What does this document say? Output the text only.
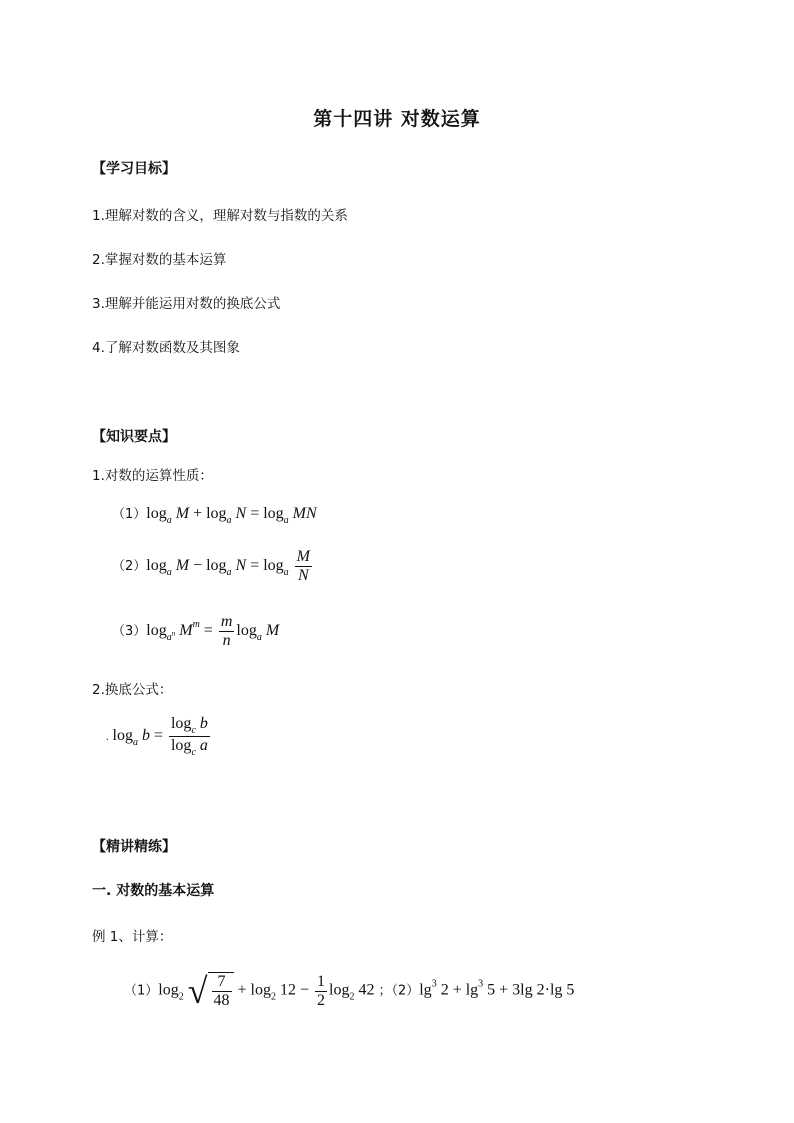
第十四讲 对数运算
【学习目标】
1.理解对数的含义，理解对数与指数的关系
2.掌握对数的基本运算
3.理解并能运用对数的换底公式
4.了解对数函数及其图象
【知识要点】
1.对数的运算性质：
$(1)\log_a$ $M + \log_a N = \log_a$ MN
$(2)\log_a$ $M - \log_a N = \log_a \frac{M}{N}$
$(3)\log_{a^n}$ $M^m = \frac{m}{n} \log_a M$
2.换底公式：
. $\log_a b = \frac{\log_c b}{\log_c a}$
【精讲精练】
一. 对数的基本运算
例 1、计算：
$(1)\log_2$ √ $\frac{7}{48} + \log_2 12 - \frac{1}{2} \log_2 42$ ；$(2)\lg^3$ $2 + \lg^3 5 + 3\lg$ 2·lg 5
